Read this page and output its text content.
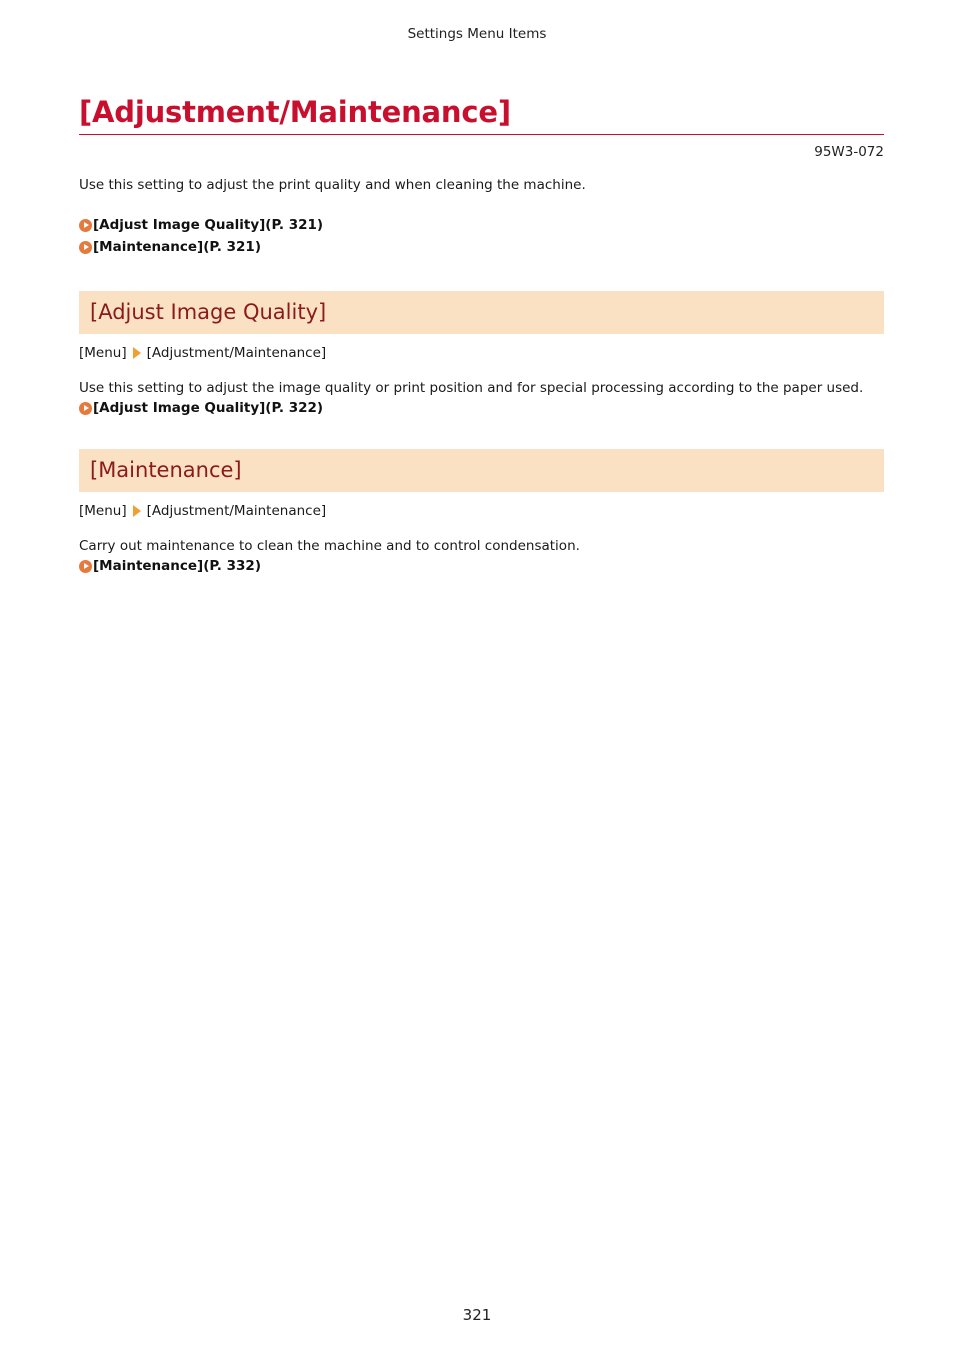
Settings Menu Items
[Adjustment/Maintenance]
95W3-072

Use this setting to adjust the print quality and when cleaning the machine.

[Adjust Image Quality](P. 321)
[Maintenance](P. 321)
[Adjust Image Quality]
[Menu] [Adjustment/Maintenance]

Use this setting to adjust the image quality or print position and for special processing according to the paper used.

[Adjust Image Quality](P. 322)
[Maintenance]
[Menu] [Adjustment/Maintenance]

Carry out maintenance to clean the machine and to control condensation.

[Maintenance](P. 332)
321
